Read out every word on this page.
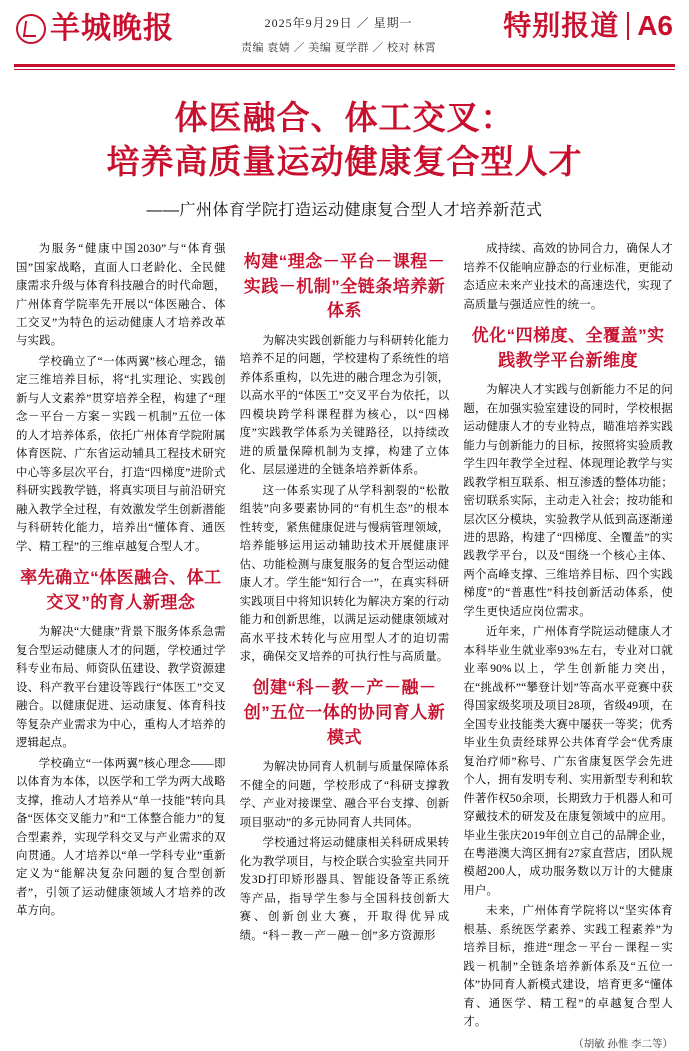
羊城晚报	2025年9月29日 ／ 星期一
责编 袁婧 ／ 美编 夏学群 ／ 校对 林霄
特别报道 A6
体医融合、体工交叉：
培养高质量运动健康复合型人才
——广州体育学院打造运动健康复合型人才培养新范式

为服务“健康中国2030”与“体育强国”国家战略，直面人口老龄化、全民健康需求升级与体育科技融合的时代命题，广州体育学院率先开展以“体医融合、体工交叉”为特色的运动健康人才培养改革与实践。

学校确立了“一体两翼”核心理念，锚定三维培养目标，将“扎实理论、实践创新与人文素养”贯穿培养全程，构建了“理念－平台－方案－实践－机制”五位一体的人才培养体系，依托广州体育学院附属体育医院、广东省运动辅具工程技术研究中心等多层次平台，打造“四梯度”进阶式科研实践教学链，将真实项目与前沿研究融入教学全过程，有效激发学生创新潜能与科研转化能力，培养出“懂体育、通医学、精工程”的三维卓越复合型人才。

率先确立“体医融合、体工交叉”的育人新理念

为解决“大健康”背景下服务体系急需复合型运动健康人才的问题，学校通过学科专业布局、师资队伍建设、教学资源建设、科产教平台建设等践行“体医工”交叉融合。以健康促进、运动康复、体育科技等复杂产业需求为中心，重构人才培养的逻辑起点。

学校确立“一体两翼”核心理念——即以体育为本体，以医学和工学为两大战略支撑，推动人才培养从“单一技能”转向具备“医体交叉能力”和“工体整合能力”的复合型素养，实现学科交叉与产业需求的双向贯通。人才培养以“单一学科专业”重新定义为“能解决复杂问题的复合型创新者”，引领了运动健康领域人才培养的改革方向。

构建“理念－平台－课程－实践－机制”全链条培养新体系

为解决实践创新能力与科研转化能力培养不足的问题，学校建构了系统性的培养体系重构，以先进的融合理念为引领，以高水平的“体医工”交叉平台为依托，以四模块跨学科课程群为核心，以“四梯度”实践教学体系为关键路径，以持续改进的质量保障机制为支撑，构建了立体化、层层递进的全链条培养新体系。

这一体系实现了从学科割裂的“松散组装”向多要素协同的“有机生态”的根本性转变，紧焦健康促进与慢病管理领域，培养能够运用运动辅助技术开展健康评估、功能检测与康复服务的复合型运动健康人才。学生能“知行合一”，在真实科研实践项目中将知识转化为解决方案的行动能力和创新思维，以满足运动健康领域对高水平技术转化与应用型人才的迫切需求，确保交叉培养的可执行性与高质量。

创建“科－教－产－融－创”五位一体的协同育人新模式

为解决协同育人机制与质量保障体系不健全的问题，学校形成了“科研支撑教学、产业对接课堂、融合平台支撑、创新项目驱动”的多元协同育人共同体。

学校通过将运动健康相关科研成果转化为教学项目，与校企联合实验室共同开发3D打印矫形器具、智能设备等正系统等产品，指导学生参与全国科技创新大赛、创新创业大赛，开取得优异成绩。“科－教－产－融－创”多方资源形

成持续、高效的协同合力，确保人才培养不仅能响应静态的行业标准，更能动态适应未来产业技术的高速迭代，实现了高质量与强适应性的统一。

优化“四梯度、全覆盖”实践教学平台新维度

为解决人才实践与创新能力不足的问题，在加强实验室建设的同时，学校根据运动健康人才的专业特点，瞄准培养实践能力与创新能力的目标，按照将实验质教学生四年教学全过程、体现理论教学与实践教学相互联系、相互渗透的整体功能；密切联系实际，主动走入社会；按功能和层次区分模块，实验教学从低到高逐渐递进的思路，构建了“四梯度、全覆盖”的实践教学平台，以及“围绕一个核心主体、两个高峰支撑、三维培养目标、四个实践梯度”的“普惠性”科技创新活动体系，使学生更快适应岗位需求。

近年来，广州体育学院运动健康人才本科毕业生就业率93%左右，专业对口就业率90%以上，学生创新能力突出，在“挑战杯”“攀登计划”等高水平竞赛中获得国家级奖项及项目28项，省级49项，在全国专业技能类大赛中屡获一等奖；优秀毕业生负责经球界公共体育学会“优秀康复治疗师”称号、广东省康复医学会先进个人，拥有发明专利、实用新型专利和软件著作权50余项，长期致力于机器人和可穿戴技术的研发及在康复领域中的应用。毕业生张庆2019年创立自己的品牌企业，在粤港澳大湾区拥有27家直营店，团队规模超200人，成功服务数以万计的大健康用户。

未来，广州体育学院将以“坚实体育根基、系统医学素养、实践工程素养”为培养目标，推进“理念－平台－课程－实践－机制”全链条培养新体系及“五位一体”协同育人新模式建设，培育更多“懂体育、通医学、精工程”的卓越复合型人才。

（胡敏 孙惟 李二等）
